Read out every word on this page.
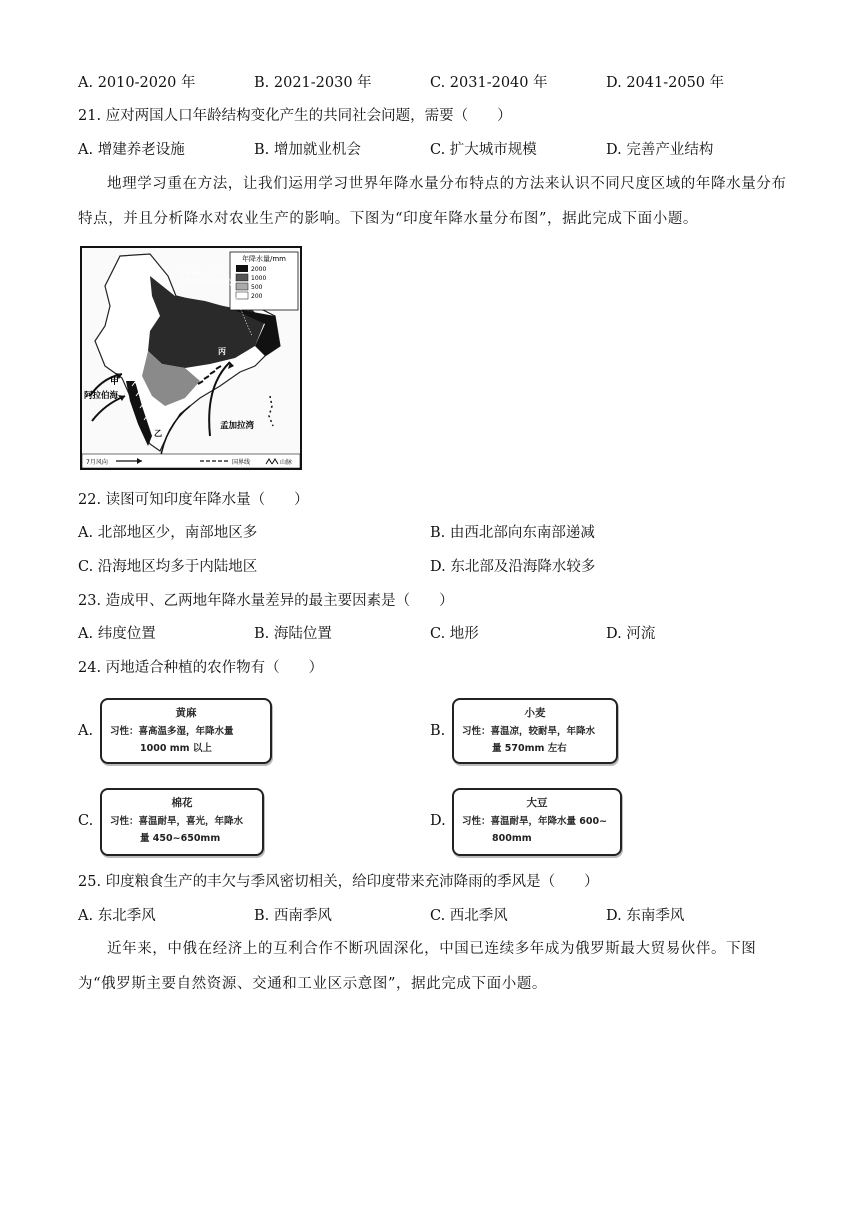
A. 2010-2020 年	B. 2021-2030 年	C. 2031-2040 年	D. 2041-2050 年
21. 应对两国人口年龄结构变化产生的共同社会问题，需要（　　）
A. 增建养老设施	B. 增加就业机会	C. 扩大城市规模	D. 完善产业结构
地理学习重在方法，让我们运用学习世界年降水量分布特点的方法来认识不同尺度区域的年降水量分布特点，并且分析降水对农业生产的影响。下图为“印度年降水量分布图”，据此完成下面小题。
年降水量/mm
2000
1000
500
200
世界“雨极”—乞拉朋齐
（年降水量超过11000毫米）
甲
丙
乙
阿拉伯海
孟加拉湾
7月风向	国界线	山脉
22. 读图可知印度年降水量（　　）
A. 北部地区少，南部地区多	B. 由西北部向东南部递减
C. 沿海地区均多于内陆地区	D. 东北部及沿海降水较多
23. 造成甲、乙两地年降水量差异的最主要因素是（　　）
A. 纬度位置	B. 海陆位置	C. 地形	D. 河流
24. 丙地适合种植的农作物有（　　）
A.
黄麻
习性：喜高温多湿，年降水量
1000 mm 以上
B.
小麦
习性：喜温凉，较耐旱，年降水
量 570mm 左右
C.
棉花
习性：喜温耐旱，喜光，年降水
量 450~650mm
D.
大豆
习性：喜温耐旱，年降水量 600~
800mm
25. 印度粮食生产的丰欠与季风密切相关，给印度带来充沛降雨的季风是（　　）
A. 东北季风	B. 西南季风	C. 西北季风	D. 东南季风
近年来，中俄在经济上的互利合作不断巩固深化，中国已连续多年成为俄罗斯最大贸易伙伴。下图为“俄罗斯主要自然资源、交通和工业区示意图”，据此完成下面小题。
